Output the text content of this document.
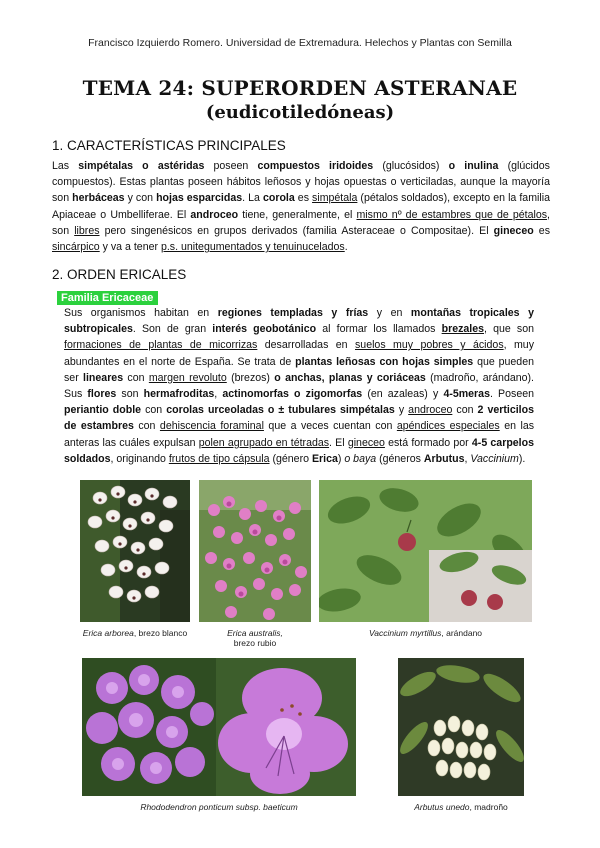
Francisco Izquierdo Romero. Universidad de Extremadura. Helechos y Plantas con Semilla
TEMA 24: SUPERORDEN ASTERANAE
(eudicotiledóneas)
1. CARACTERÍSTICAS PRINCIPALES
Las simpétalas o astéridas poseen compuestos iridoides (glucósidos) o inulina (glúcidos compuestos). Estas plantas poseen hábitos leñosos y hojas opuestas o verticiladas, aunque la mayoría son herbáceas y con hojas esparcidas. La corola es simpétala (pétalos soldados), excepto en la familia Apiaceae o Umbelliferae. El androceo tiene, generalmente, el mismo nº de estambres que de pétalos, son libres pero singenésicos en grupos derivados (familia Asteraceae o Compositae). El gineceo es sincárpico y va a tener p.s. unitegumentados y tenuinucelados.
2. ORDEN ERICALES
Familia Ericaceae
Sus organismos habitan en regiones templadas y frías y en montañas tropicales y subtropicales. Son de gran interés geobotánico al formar los llamados brezales, que son formaciones de plantas de micorrizas desarrolladas en suelos muy pobres y ácidos, muy abundantes en el norte de España. Se trata de plantas leñosas con hojas simples que pueden ser lineares con margen revoluto (brezos) o anchas, planas y coriáceas (madroño, arándano). Sus flores son hermafroditas, actinomorfas o zigomorfas (en azaleas) y 4-5meras. Poseen periantio doble con corolas urceoladas o ± tubulares simpétalas y androceo con 2 verticilos de estambres con dehiscencia foraminal que a veces cuentan con apéndices especiales en las anteras las cuáles expulsan polen agrupado en tétradas. El gineceo está formado por 4-5 carpelos soldados, originando frutos de tipo cápsula (género Erica) o baya (géneros Arbutus, Vaccinium).
Erica arborea, brezo blanco	Erica australis,
brezo rubio
Vaccinium myrtillus, arándano
Rhododendron ponticum subsp. baeticum	Arbutus unedo, madroño
